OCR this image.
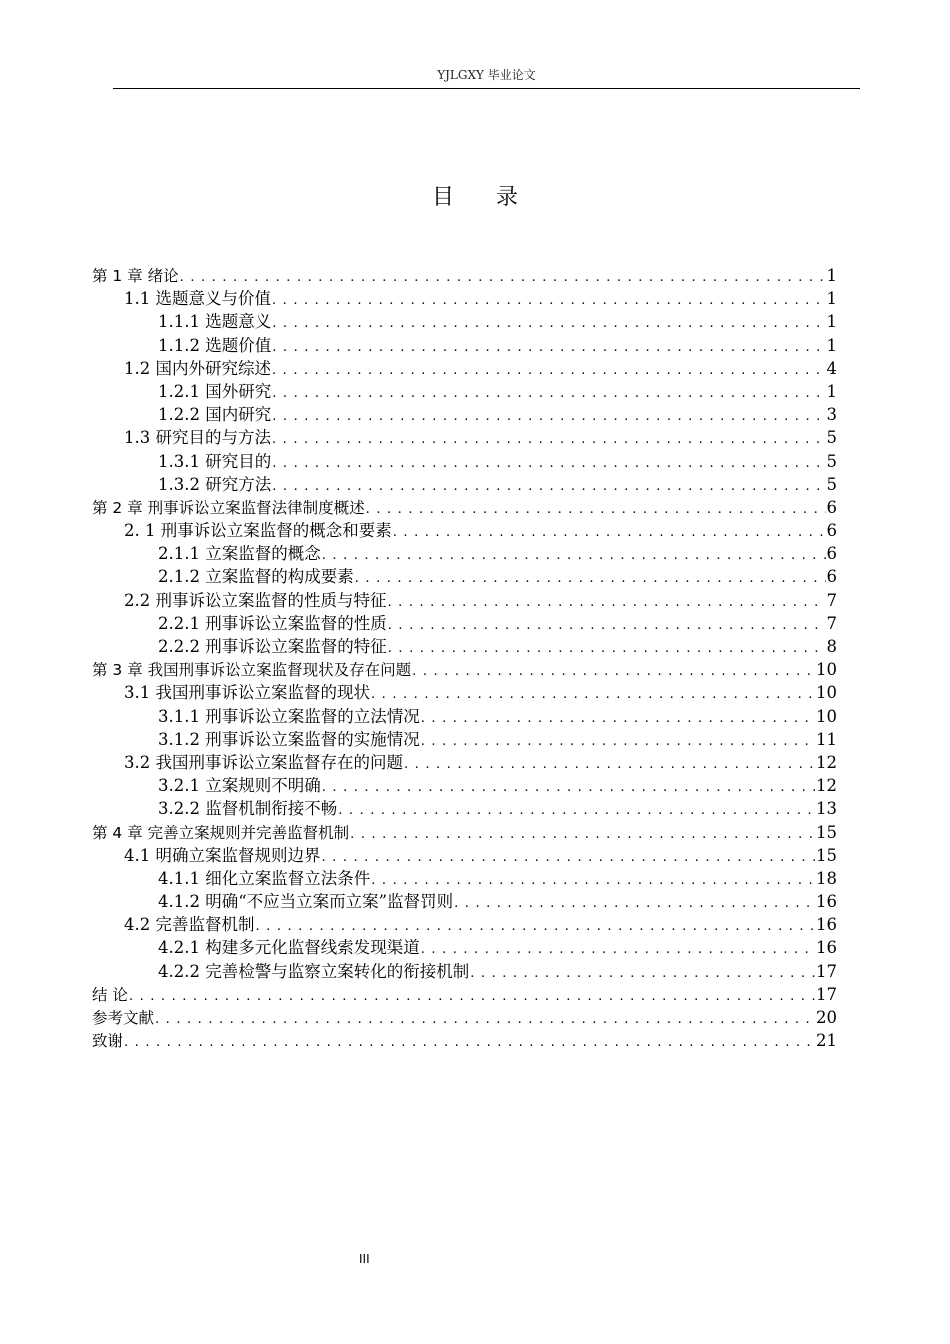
YJLGXY 毕业论文
目 录
第 1 章 绪论 . . .	1
1.1 选题意义与价值 . . .	1
1.1.1 选题意义 . . .	1
1.1.2 选题价值 . . .	1
1.2 国内外研究综述 . . .	4
1.2.1 国外研究 . . .	1
1.2.2 国内研究 . . .	3
1.3 研究目的与方法 . . .	5
1.3.1 研究目的 . . .	5
1.3.2 研究方法 . . .	5
第 2 章 刑事诉讼立案监督法律制度概述 . . .	6
2. 1 刑事诉讼立案监督的概念和要素 . . .	6
2.1.1 立案监督的概念 . . .	6
2.1.2 立案监督的构成要素 . . .	6
2.2 刑事诉讼立案监督的性质与特征 . . .	7
2.2.1 刑事诉讼立案监督的性质 . . .	7
2.2.2 刑事诉讼立案监督的特征 . . .	8
第 3 章 我国刑事诉讼立案监督现状及存在问题 . . .	10
3.1 我国刑事诉讼立案监督的现状 . . .	10
3.1.1 刑事诉讼立案监督的立法情况 . . .	10
3.1.2 刑事诉讼立案监督的实施情况 . . .	11
3.2 我国刑事诉讼立案监督存在的问题 . . .	12
3.2.1 立案规则不明确 . . .	12
3.2.2 监督机制衔接不畅 . . .	13
第 4 章 完善立案规则并完善监督机制 . . .	15
4.1 明确立案监督规则边界 . . .	15
4.1.1 细化立案监督立法条件 . . .	18
4.1.2 明确“不应当立案而立案”监督罚则 . . .	16
4.2 完善监督机制 . . .	16
4.2.1 构建多元化监督线索发现渠道 . . .	16
4.2.2 完善检警与监察立案转化的衔接机制 . . .	17
结 论 . . .	17
参考文献 . . .	20
致谢 . . .	21
III
